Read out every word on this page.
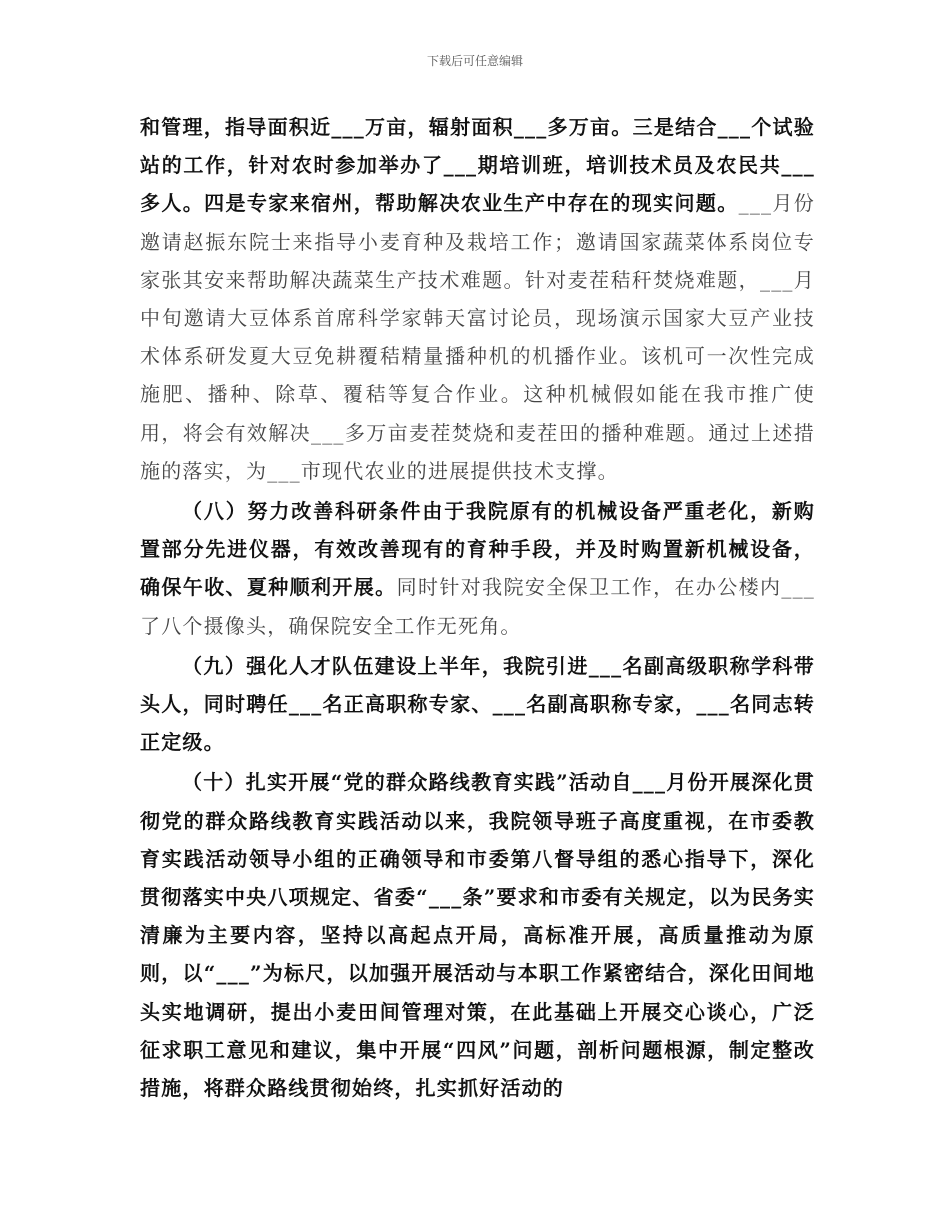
下载后可任意编辑

和管理，指导面积近___万亩，辐射面积___多万亩。三是结合___个试验站的工作，针对农时参加举办了___期培训班，培训技术员及农民共___多人。四是专家来宿州，帮助解决农业生产中存在的现实问题。___月份邀请赵振东院士来指导小麦育种及栽培工作；邀请国家蔬菜体系岗位专家张其安来帮助解决蔬菜生产技术难题。针对麦茬秸秆焚烧难题，___月中旬邀请大豆体系首席科学家韩天富讨论员，现场演示国家大豆产业技术体系研发夏大豆免耕覆秸精量播种机的机播作业。该机可一次性完成施肥、播种、除草、覆秸等复合作业。这种机械假如能在我市推广使用，将会有效解决___多万亩麦茬焚烧和麦茬田的播种难题。通过上述措施的落实，为___市现代农业的进展提供技术支撑。

（八）努力改善科研条件由于我院原有的机械设备严重老化，新购置部分先进仪器，有效改善现有的育种手段，并及时购置新机械设备，确保午收、夏种顺利开展。同时针对我院安全保卫工作，在办公楼内___了八个摄像头，确保院安全工作无死角。

（九）强化人才队伍建设上半年，我院引进___名副高级职称学科带头人，同时聘任___名正高职称专家、___名副高职称专家，___名同志转正定级。

（十）扎实开展“党的群众路线教育实践”活动自___月份开展深化贯彻党的群众路线教育实践活动以来，我院领导班子高度重视，在市委教育实践活动领导小组的正确领导和市委第八督导组的悉心指导下，深化贯彻落实中央八项规定、省委“___条”要求和市委有关规定，以为民务实清廉为主要内容，坚持以高起点开局，高标准开展，高质量推动为原则，以“___”为标尺，以加强开展活动与本职工作紧密结合，深化田间地头实地调研，提出小麦田间管理对策，在此基础上开展交心谈心，广泛征求职工意见和建议，集中开展“四风”问题，剖析问题根源，制定整改措施，将群众路线贯彻始终，扎实抓好活动的
